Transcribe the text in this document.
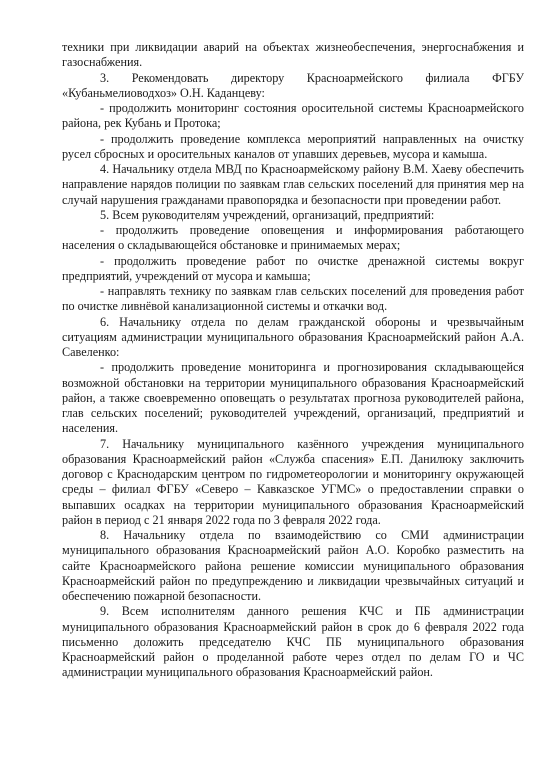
техники при ликвидации аварий на объектах жизнеобеспечения, энергоснабжения и газоснабжения.

3. Рекомендовать директору Красноармейского филиала ФГБУ «Кубаньмелиоводхоз» О.Н. Каданцеву:

- продолжить мониторинг состояния оросительной системы Красноармейского района, рек Кубань и Протока;

- продолжить проведение комплекса мероприятий направленных на очистку русел сбросных и оросительных каналов от упавших деревьев, мусора и камыша.

4. Начальнику отдела МВД по Красноармейскому району В.М. Хаеву обеспечить направление нарядов полиции по заявкам глав сельских поселений для принятия мер на случай нарушения гражданами правопорядка и безопасности при проведении работ.

5. Всем руководителям учреждений, организаций, предприятий:

- продолжить проведение оповещения и информирования работающего населения о складывающейся обстановке и принимаемых мерах;

- продолжить проведение работ по очистке дренажной системы вокруг предприятий, учреждений от мусора и камыша;

- направлять технику по заявкам глав сельских поселений для проведения работ по очистке ливнёвой канализационной системы и откачки вод.

6. Начальнику отдела по делам гражданской обороны и чрезвычайным ситуациям администрации муниципального образования Красноармейский район А.А. Савеленко:

- продолжить проведение мониторинга и прогнозирования складывающейся возможной обстановки на территории муниципального образования Красноармейский район, а также своевременно оповещать о результатах прогноза руководителей района, глав сельских поселений; руководителей учреждений, организаций, предприятий и населения.

7. Начальнику муниципального казённого учреждения муниципального образования Красноармейский район «Служба спасения» Е.П. Данилюку заключить договор с Краснодарским центром по гидрометеорологии и мониторингу окружающей среды – филиал ФГБУ «Северо – Кавказское УГМС» о предоставлении справки о выпавших осадках на территории муниципального образования Красноармейский район в период с 21 января 2022 года по 3 февраля 2022 года.

8. Начальнику отдела по взаимодействию со СМИ администрации муниципального образования Красноармейский район А.О. Коробко разместить на сайте Красноармейского района решение комиссии муниципального образования Красноармейский район по предупреждению и ликвидации чрезвычайных ситуаций и обеспечению пожарной безопасности.

9. Всем исполнителям данного решения КЧС и ПБ администрации муниципального образования Красноармейский район в срок до 6 февраля 2022 года письменно доложить председателю КЧС ПБ муниципального образования Красноармейский район о проделанной работе через отдел по делам ГО и ЧС администрации муниципального образования Красноармейский район.
